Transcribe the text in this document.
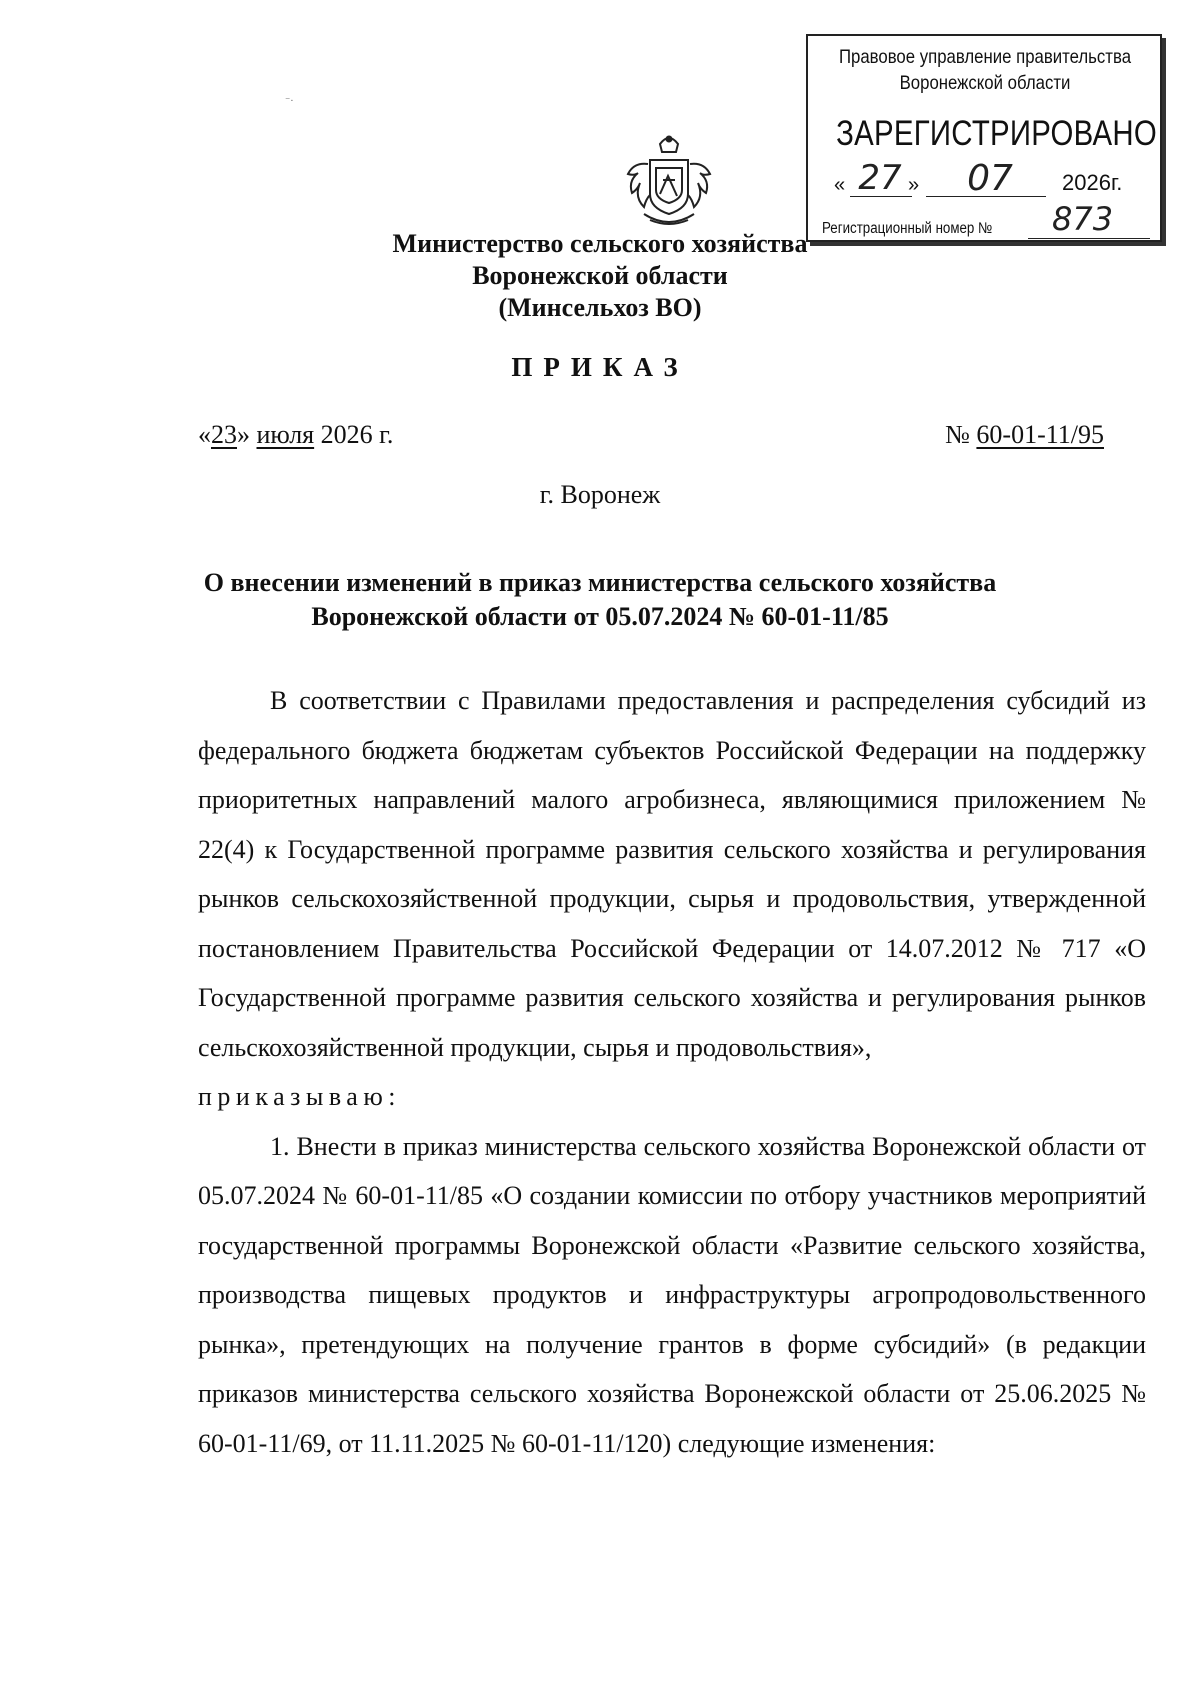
⁻·
Правовое управление правительства
Воронежской области
ЗАРЕГИСТРИРОВАНО
« 27 »	07	2026г.
Регистрационный номер № 873
Министерство сельского хозяйства
Воронежской области
(Минсельхоз ВО)
ПРИКАЗ
«23» июля 2026 г.	№ 60-01-11/95
г. Воронеж
О внесении изменений в приказ министерства сельского хозяйства
Воронежской области от 05.07.2024 № 60-01-11/85

В соответствии с Правилами предоставления и распределения субсидий из федерального бюджета бюджетам субъектов Российской Федерации на поддержку приоритетных направлений малого агробизнеса, являющимися приложением № 22(4) к Государственной программе развития сельского хозяйства и регулирования рынков сельскохозяйственной продукции, сырья и продовольствия, утвержденной постановлением Правительства Российской Федерации от 14.07.2012 № 717 «О Государственной программе развития сельского хозяйства и регулирования рынков сельскохозяйственной продукции, сырья и продовольствия»,

приказываю:

1. Внести в приказ министерства сельского хозяйства Воронежской области от 05.07.2024 № 60-01-11/85 «О создании комиссии по отбору участников мероприятий государственной программы Воронежской области «Развитие сельского хозяйства, производства пищевых продуктов и инфраструктуры агропродовольственного рынка», претендующих на получение грантов в форме субсидий» (в редакции приказов министерства сельского хозяйства Воронежской области от 25.06.2025 № 60-01-11/69, от 11.11.2025 № 60-01-11/120) следующие изменения:
